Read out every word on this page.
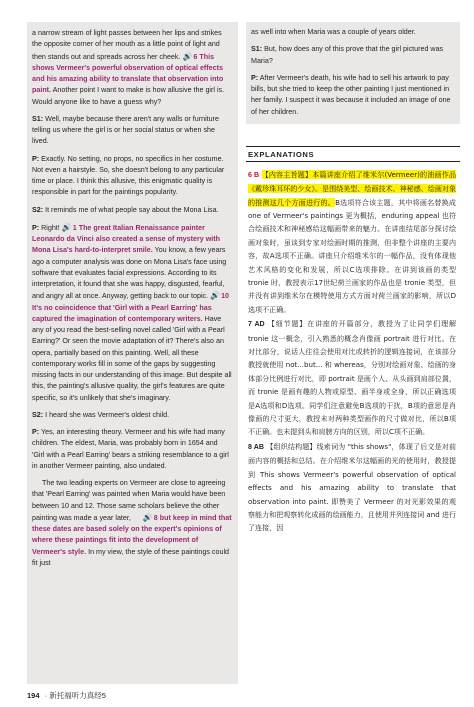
a narrow stream of light passes between her lips and strikes the opposite corner of her mouth as a little point of light and then stands out and spreads across her cheek. 🔊6 This shows Vermeer's powerful observation of optical effects and his amazing ability to translate that observation into paint. Another point I want to make is how allusive the girl is. Would anyone like to have a guess why?

S1: Well, maybe because there aren't any walls or furniture telling us where the girl is or her social status or when she lived.

P: Exactly. No setting, no props, no specifics in her costume. Not even a hairstyle. So, she doesn't belong to any particular time or place. I think this allusive, this enigmatic quality is responsible in part for the paintings popularity.

S2: It reminds me of what people say about the Mona Lisa.

P: Right! 🔊1 The great Italian Renaissance painter Leonardo da Vinci also created a sense of mystery with Mona Lisa's hard-to-interpret smile. You know, a few years ago a computer analysis was done on Mona Lisa's face using software that evaluates facial expressions. According to its interpretation, it found that she was happy, disgusted, fearful, and angry all at once. Anyway, getting back to our topic. 🔊10 It's no coincidence that 'Girl with a Pearl Earring' has captured the imagination of contemporary writers. Have any of you read the best-selling novel called 'Girl with a Pearl Earring?' Or seen the movie adaptation of it? There's also an opera, partially based on this painting. Well, all these contemporary works fill in some of the gaps by suggesting missing facts in our understanding of this image. But despite all this, the painting's allusive quality, the girl's features are quite specific, so it's unlikely that she's imaginary.

S2: I heard she was Vermeer's oldest child.

P: Yes, an interesting theory. Vermeer and his wife had many children. The eldest, Maria, was probably born in 1654 and 'Girl with a Pearl Earring' bears a striking resemblance to a girl in another Vermeer painting, also undated.

The two leading experts on Vermeer are close to agreeing that 'Pearl Earring' was painted when Maria would have been between 10 and 12. Those same scholars believe the other painting was made a year later, 🔊8 but keep in mind that these dates are based solely on the expert's opinions of where these paintings fit into the development of Vermeer's style. In my view, the style of these paintings could fit just

as well into when Maria was a couple of years older.

S1: But, how does any of this prove that the girl pictured was Maria?

P: After Vermeer's death, his wife had to sell his artwork to pay bills, but she tried to keep the other painting I just mentioned in her family. I suspect it was because it included an image of one of her children.

EXPLANATIONS

6 B 【内容主旨题】本篇讲座介绍了维米尔(Vermeer)的油画作品《戴珍珠耳环的少女》。是围绕美型、绘画技术、神秘感、绘画对象的推测这几个方面进行的。B选项符合该主题，其中将画名替换成 one of Vermeer's paintings 更为概括，enduring appeal 也符合绘画技术和神秘感给这幅画带来的魅力。在讲座结尾部分探讨绘画对象时，虽谈到专家对绘画时期的推测，但非整个讲座的主要内容，故A选项不正确。讲座只介绍维米尔的一幅作品，没有体现他艺术风格的变化和发展，所以C选项排除。在讲到该画的类型 tronie 时，教授表示17世纪荷兰画家的作品也是 tronie 类型，但并没有讲到维米尔在模特使用方式方面对荷兰画家的影响，所以D选项不正确。

7 AD 【细节题】在讲座的开篇部分，教授为了让同学们理解 tronie 这一概念，引入熟悉的概念肖像画 portrait 进行对比。在对比部分，说话人往往会使用对比或转折的逻辑连接词，在该部分教授就使用 not...but... 和 whereas，分别对绘画对象、绘画的身体部分比例进行对比，即 portrait 是画个人、从头画到肩部位置，而 tronie 是画有趣的人物或原型、画半身或全身，所以正确选项是A选项和D选项。同学们注意避免B选项的干扰，B项的意思是肖像画的尺寸更大，教授未对两种类型画作的尺寸做对比，所以B项不正确。也未提到头和肩膀方向的区别，所以C项不正确。

8 AB 【组织结构题】线索词为 "this shows"，体现了后文是对前面内容的概括和总结。在介绍维米尔这幅画的光的使用时，教授提到 This shows Vermeer's powerful observation of optical effects and his amazing ability to translate that observation into paint. 即赞美了 Vermeer 的对光影效果的观察能力和把观察转化成画的绘画能力，且使用并列连接词 and 进行了连接，因

194 · 新托福听力真经5
